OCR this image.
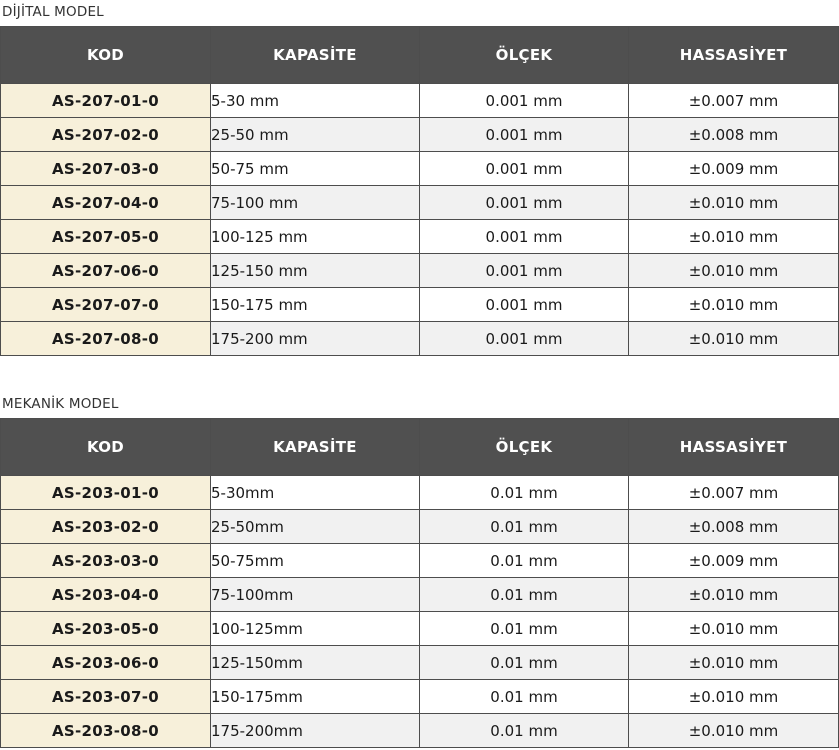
DİJİTAL MODEL
KOD	KAPASİTE	ÖLÇEK	HASSASİYET
AS-207-01-0	5-30 mm	0.001 mm	±0.007 mm
AS-207-02-0	25-50 mm	0.001 mm	±0.008 mm
AS-207-03-0	50-75 mm	0.001 mm	±0.009 mm
AS-207-04-0	75-100 mm	0.001 mm	±0.010 mm
AS-207-05-0	100-125 mm	0.001 mm	±0.010 mm
AS-207-06-0	125-150 mm	0.001 mm	±0.010 mm
AS-207-07-0	150-175 mm	0.001 mm	±0.010 mm
AS-207-08-0	175-200 mm	0.001 mm	±0.010 mm
MEKANİK MODEL
KOD	KAPASİTE	ÖLÇEK	HASSASİYET
AS-203-01-0	5-30mm	0.01 mm	±0.007 mm
AS-203-02-0	25-50mm	0.01 mm	±0.008 mm
AS-203-03-0	50-75mm	0.01 mm	±0.009 mm
AS-203-04-0	75-100mm	0.01 mm	±0.010 mm
AS-203-05-0	100-125mm	0.01 mm	±0.010 mm
AS-203-06-0	125-150mm	0.01 mm	±0.010 mm
AS-203-07-0	150-175mm	0.01 mm	±0.010 mm
AS-203-08-0	175-200mm	0.01 mm	±0.010 mm
